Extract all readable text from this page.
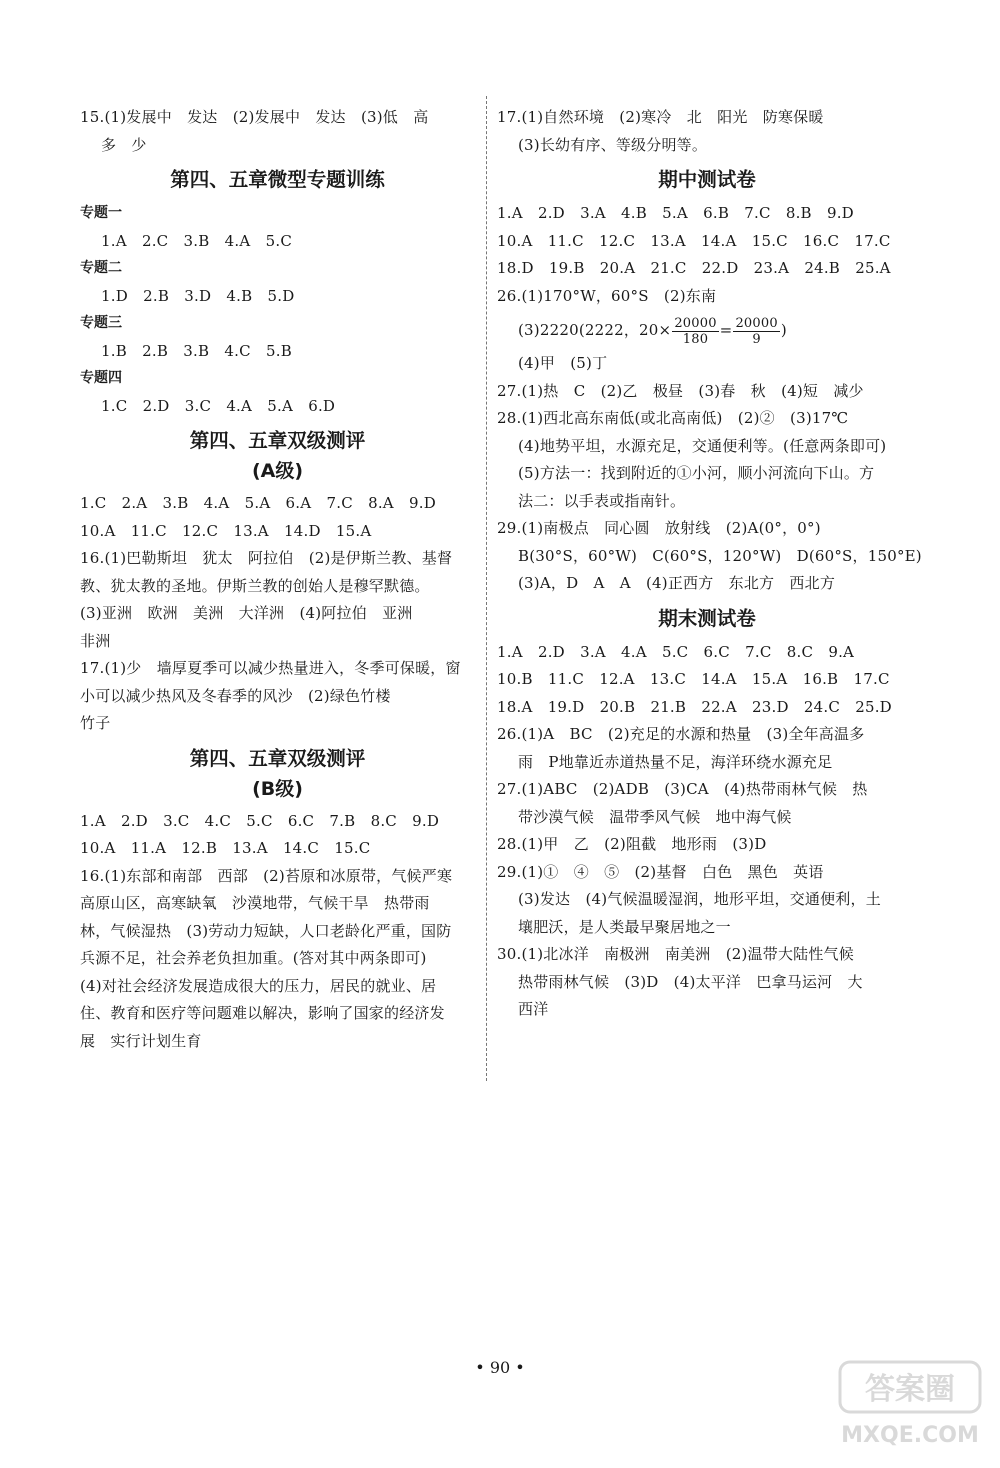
15.(1)发展中　发达　(2)发展中　发达　(3)低　高
多　少
第四、五章微型专题训练
专题一
1.A　2.C　3.B　4.A　5.C
专题二
1.D　2.B　3.D　4.B　5.D
专题三
1.B　2.B　3.B　4.C　5.B
专题四
1.C　2.D　3.C　4.A　5.A　6.D
第四、五章双级测评
(A级)
1.C　2.A　3.B　4.A　5.A　6.A　7.C　8.A　9.D
10.A　11.C　12.C　13.A　14.D　15.A
16.(1)巴勒斯坦　犹太　阿拉伯　(2)是伊斯兰教、基督
教、犹太教的圣地。伊斯兰教的创始人是穆罕默德。
(3)亚洲　欧洲　美洲　大洋洲　(4)阿拉伯　亚洲
非洲
17.(1)少　墙厚夏季可以减少热量进入，冬季可保暖，窗
小可以减少热风及冬春季的风沙　(2)绿色竹楼
竹子
第四、五章双级测评
(B级)
1.A　2.D　3.C　4.C　5.C　6.C　7.B　8.C　9.D
10.A　11.A　12.B　13.A　14.C　15.C
16.(1)东部和南部　西部　(2)苔原和冰原带，气候严寒
高原山区，高寒缺氧　沙漠地带，气候干旱　热带雨
林，气候湿热　(3)劳动力短缺，人口老龄化严重，国防
兵源不足，社会养老负担加重。(答对其中两条即可)
(4)对社会经济发展造成很大的压力，居民的就业、居
住、教育和医疗等问题难以解决，影响了国家的经济发
展　实行计划生育
17.(1)自然环境　(2)寒冷　北　阳光　防寒保暖
(3)长幼有序、等级分明等。
期中测试卷
1.A　2.D　3.A　4.B　5.A　6.B　7.C　8.B　9.D
10.A　11.C　12.C　13.A　14.A　15.C　16.C　17.C
18.D　19.B　20.A　21.C　22.D　23.A　24.B　25.A
26.(1)170°W，60°S　(2)东南
(3)2220(2222，$20\times \frac{20000}{180} = \frac{20000}{9}$ )
(4)甲　(5)丁
27.(1)热　C　(2)乙　极昼　(3)春　秋　(4)短　减少
28.(1)西北高东南低(或北高南低)　(2)②　(3)17℃
(4)地势平坦，水源充足，交通便利等。(任意两条即可)
(5)方法一：找到附近的①小河，顺小河流向下山。方
法二：以手表或指南针。
29.(1)南极点　同心圆　放射线　(2)A(0°，0°)
B(30°S，60°W)　C(60°S，120°W)　D(60°S，150°E)
(3)A，D　A　A　(4)正西方　东北方　西北方
期末测试卷
1.A　2.D　3.A　4.A　5.C　6.C　7.C　8.C　9.A
10.B　11.C　12.A　13.C　14.A　15.A　16.B　17.C
18.A　19.D　20.B　21.B　22.A　23.D　24.C　25.D
26.(1)A　BC　(2)充足的水源和热量　(3)全年高温多
雨　P地靠近赤道热量不足，海洋环绕水源充足
27.(1)ABC　(2)ADB　(3)CA　(4)热带雨林气候　热
带沙漠气候　温带季风气候　地中海气候
28.(1)甲　乙　(2)阻截　地形雨　(3)D
29.(1)①　④　⑤　(2)基督　白色　黑色　英语
(3)发达　(4)气候温暖湿润，地形平坦，交通便利，土
壤肥沃，是人类最早聚居地之一
30.(1)北冰洋　南极洲　南美洲　(2)温带大陆性气候
热带雨林气候　(3)D　(4)太平洋　巴拿马运河　大
西洋
• 90 •
答案圈
MXQE.COM
